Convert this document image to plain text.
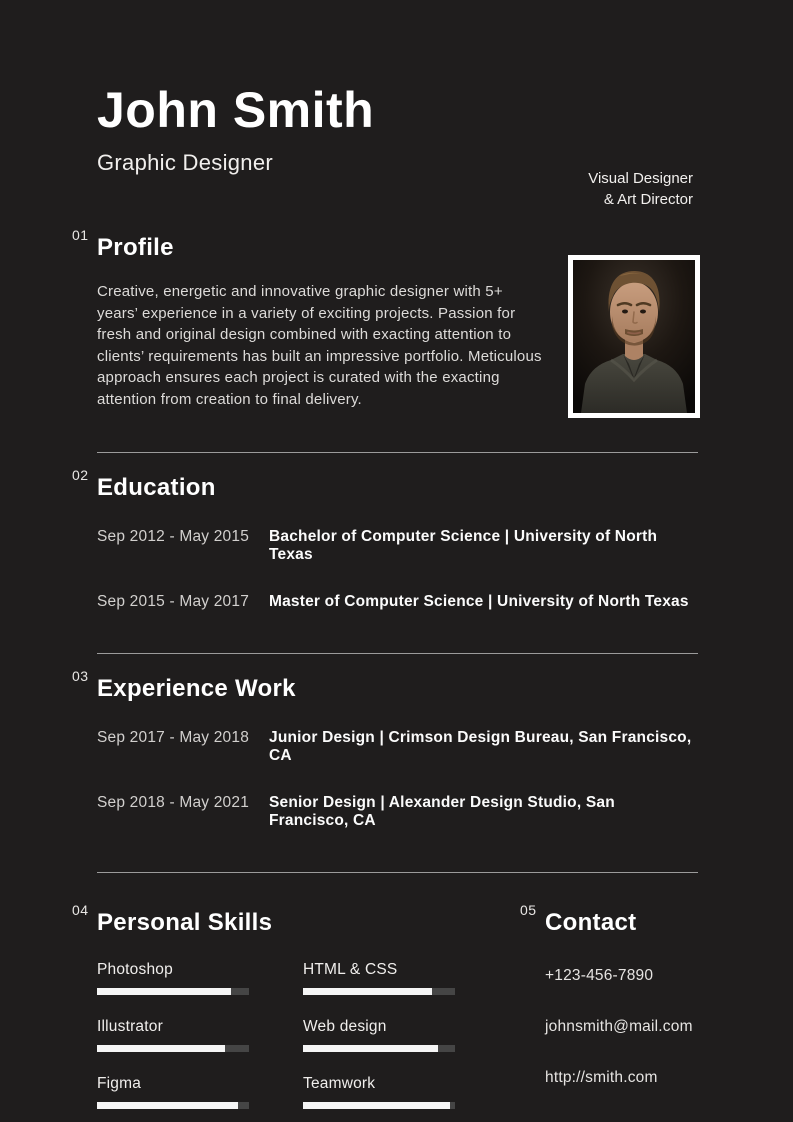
John Smith

Graphic Designer

Visual Designer
& Art Director
01 Profile

Creative, energetic and innovative graphic designer with 5+ years’ experience in a variety of exciting projects. Passion for fresh and original design combined with exacting attention to clients’ requirements has built an impressive portfolio. Meticulous approach ensures each project is curated with the exacting attention from creation to final delivery.

02 Education
Sep 2012 - May 2015	Bachelor of Computer Science | University of North Texas
Sep 2015 - May 2017	Master of Computer Science | University of North Texas
03 Experience Work
Sep 2017 - May 2018	Junior Design | Crimson Design Bureau, San Francisco, CA
Sep 2018 - May 2021	Senior Design | Alexander Design Studio, San Francisco, CA
04 Personal Skills
Photoshop	HTML & CSS
Illustrator	Web design
Figma	Teamwork
05 Contact
+123-456-7890
johnsmith@mail.com
http://smith.com
